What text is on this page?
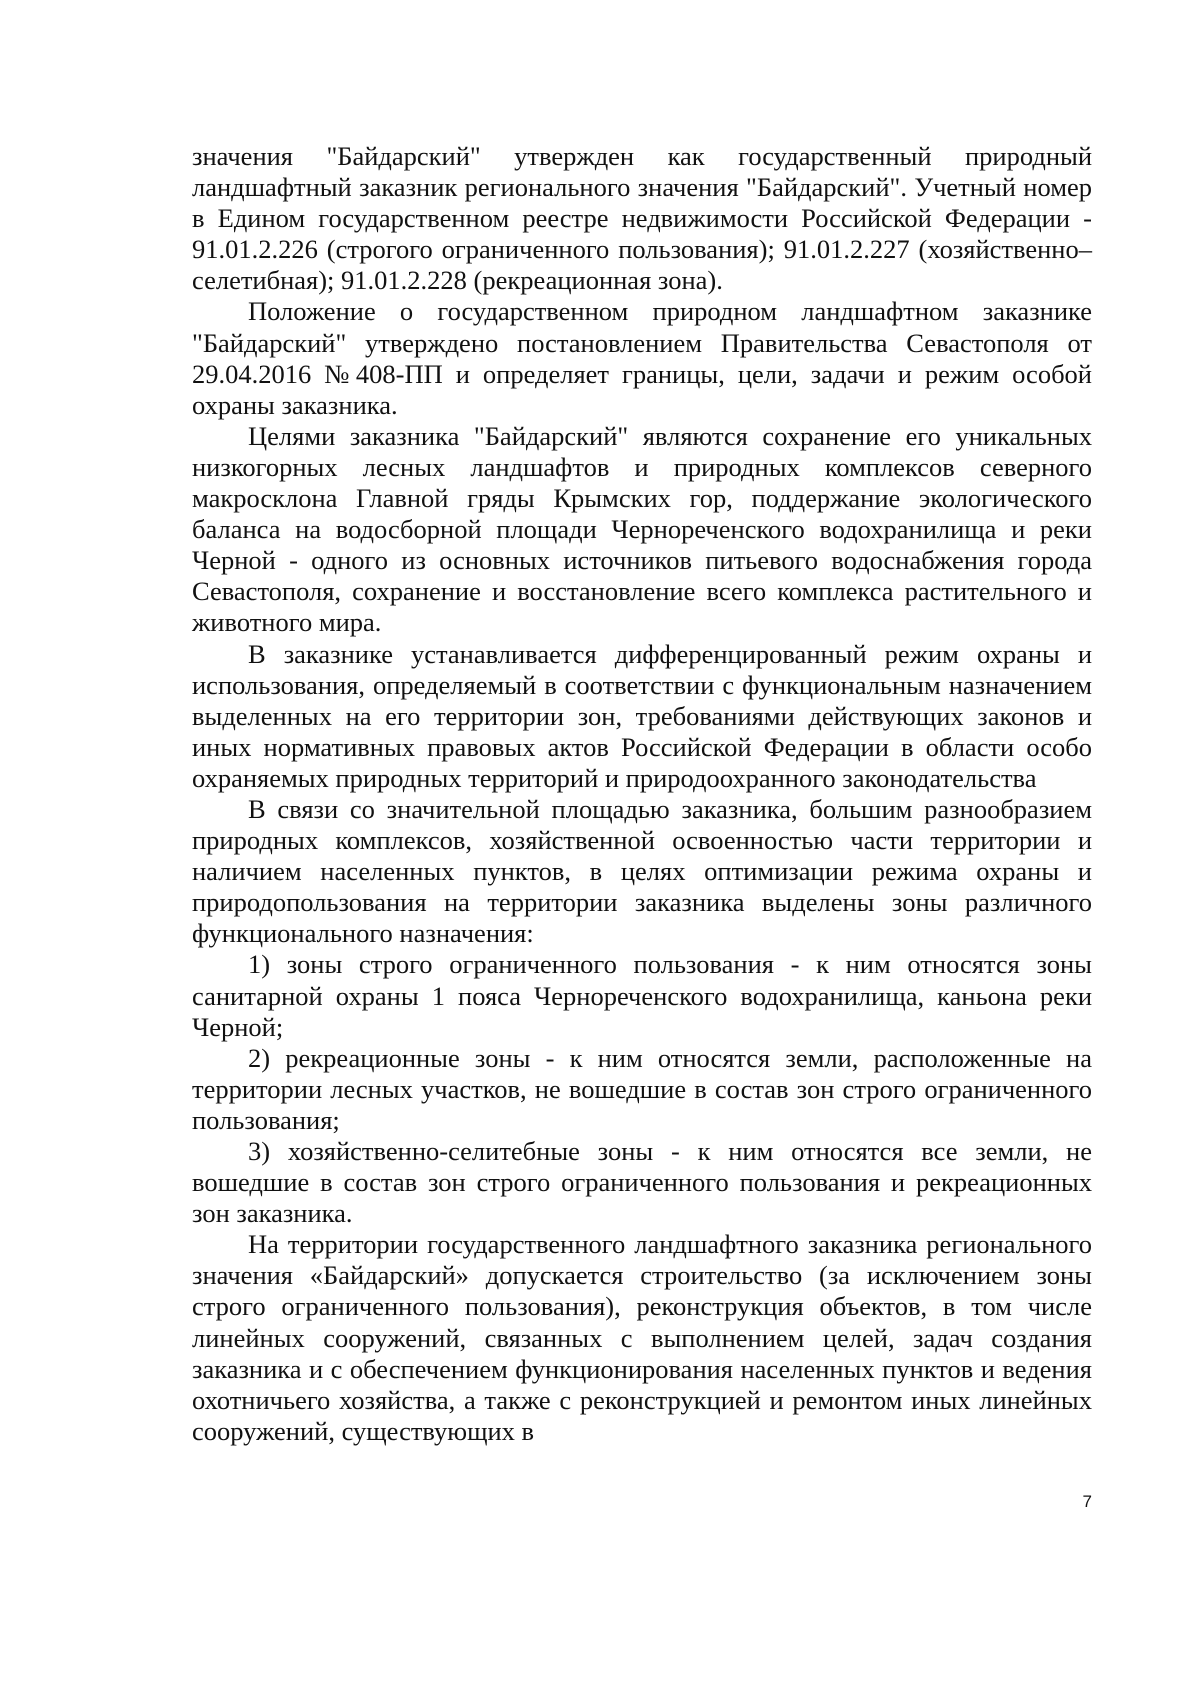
значения "Байдарский" утвержден как государственный природный ландшафтный заказник регионального значения "Байдарский". Учетный номер в Едином государственном реестре недвижимости Российской Федерации - 91.01.2.226 (строгого ограниченного пользования); 91.01.2.227 (хозяйственно–селетибная); 91.01.2.228 (рекреационная зона).

Положение о государственном природном ландшафтном заказнике "Байдарский" утверждено постановлением Правительства Севастополя от 29.04.2016 №408-ПП и определяет границы, цели, задачи и режим особой охраны заказника.

Целями заказника "Байдарский" являются сохранение его уникальных низкогорных лесных ландшафтов и природных комплексов северного макросклона Главной гряды Крымских гор, поддержание экологического баланса на водосборной площади Чернореченского водохранилища и реки Черной - одного из основных источников питьевого водоснабжения города Севастополя, сохранение и восстановление всего комплекса растительного и животного мира.

В заказнике устанавливается дифференцированный режим охраны и использования, определяемый в соответствии с функциональным назначением выделенных на его территории зон, требованиями действующих законов и иных нормативных правовых актов Российской Федерации в области особо охраняемых природных территорий и природоохранного законодательства

В связи со значительной площадью заказника, большим разнообразием природных комплексов, хозяйственной освоенностью части территории и наличием населенных пунктов, в целях оптимизации режима охраны и природопользования на территории заказника выделены зоны различного функционального назначения:

1) зоны строго ограниченного пользования - к ним относятся зоны санитарной охраны 1 пояса Чернореченского водохранилища, каньона реки Черной;

2) рекреационные зоны - к ним относятся земли, расположенные на территории лесных участков, не вошедшие в состав зон строго ограниченного пользования;

3) хозяйственно-селитебные зоны - к ним относятся все земли, не вошедшие в состав зон строго ограниченного пользования и рекреационных зон заказника.

На территории государственного ландшафтного заказника регионального значения «Байдарский» допускается строительство (за исключением зоны строго ограниченного пользования), реконструкция объектов, в том числе линейных сооружений, связанных с выполнением целей, задач создания заказника и с обеспечением функционирования населенных пунктов и ведения охотничьего хозяйства, а также с реконструкцией и ремонтом иных линейных сооружений, существующих в

7
